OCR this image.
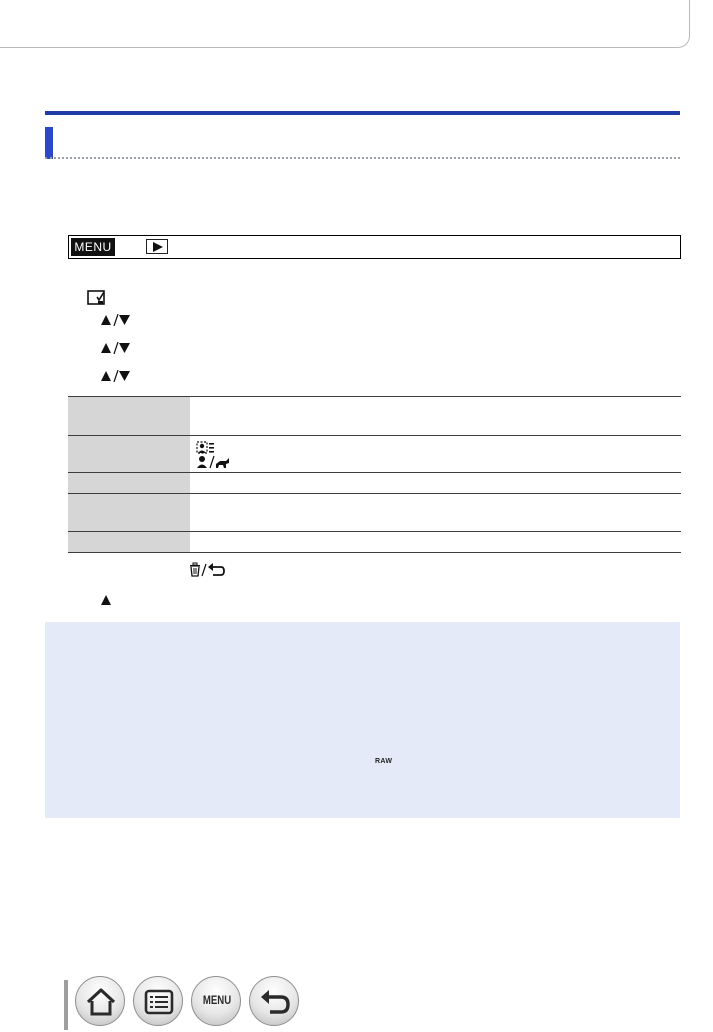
MENU

RAW
MENU
